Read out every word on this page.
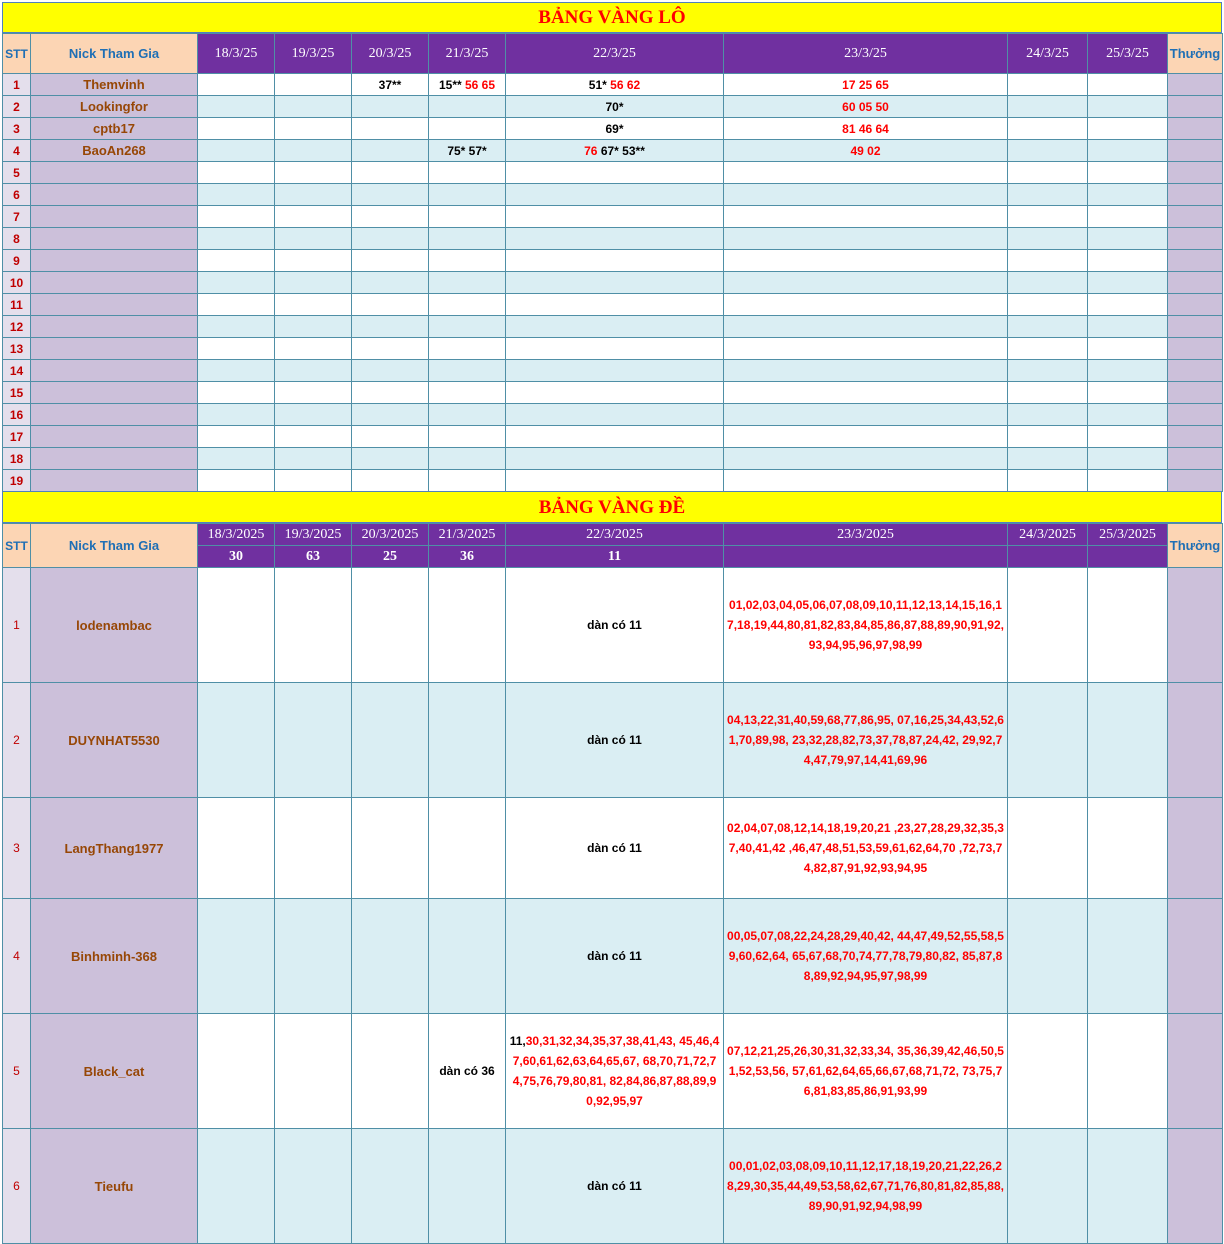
BẢNG VÀNG LÔ
STT	Nick Tham Gia	18/3/25	19/3/25	20/3/25	21/3/25	22/3/25	23/3/25	24/3/25	25/3/25	Thưởng
1	Themvinh			37**	15** 56 65	51* 56 62	17 25 65			
2	Lookingfor					70*	60 05 50			
3	cptb17					69*	81 46 64			
4	BaoAn268				75* 57*	76 67* 53**	49 02			
5										
6										
7										
8										
9										
10										
11										
12										
13										
14										
15										
16										
17										
18										
19										
BẢNG VÀNG ĐỀ
STT	Nick Tham Gia	18/3/2025	19/3/2025	20/3/2025	21/3/2025	22/3/2025	23/3/2025	24/3/2025	25/3/2025	Thưởng
		30	63	25	36	11				
1	lodenambac					dàn có 11	01,02,03,04,05,06,07,08,09,10,11,12,13,14,15,16,17,18,19,44,80,81,82,83,84,85,86,87,88,89,90,91,92,93,94,95,96,97,98,99			
2	DUYNHAT5530					dàn có 11	04,13,22,31,40,59,68,77,86,95, 07,16,25,34,43,52,61,70,89,98, 23,32,28,82,73,37,78,87,24,42, 29,92,74,47,79,97,14,41,69,96			
3	LangThang1977					dàn có 11	02,04,07,08,12,14,18,19,20,21 ,23,27,28,29,32,35,37,40,41,42 ,46,47,48,51,53,59,61,62,64,70 ,72,73,74,82,87,91,92,93,94,95			
4	Binhminh-368					dàn có 11	00,05,07,08,22,24,28,29,40,42, 44,47,49,52,55,58,59,60,62,64, 65,67,68,70,74,77,78,79,80,82, 85,87,88,89,92,94,95,97,98,99			
5	Black_cat				dàn có 36	11,30,31,32,34,35,37,38,41,43, 45,46,47,60,61,62,63,64,65,67, 68,70,71,72,74,75,76,79,80,81, 82,84,86,87,88,89,90,92,95,97	07,12,21,25,26,30,31,32,33,34, 35,36,39,42,46,50,51,52,53,56, 57,61,62,64,65,66,67,68,71,72, 73,75,76,81,83,85,86,91,93,99			
6	Tieufu					dàn có 11	00,01,02,03,08,09,10,11,12,17,18,19,20,21,22,26,28,29,30,35,44,49,53,58,62,67,71,76,80,81,82,85,88,89,90,91,92,94,98,99			
